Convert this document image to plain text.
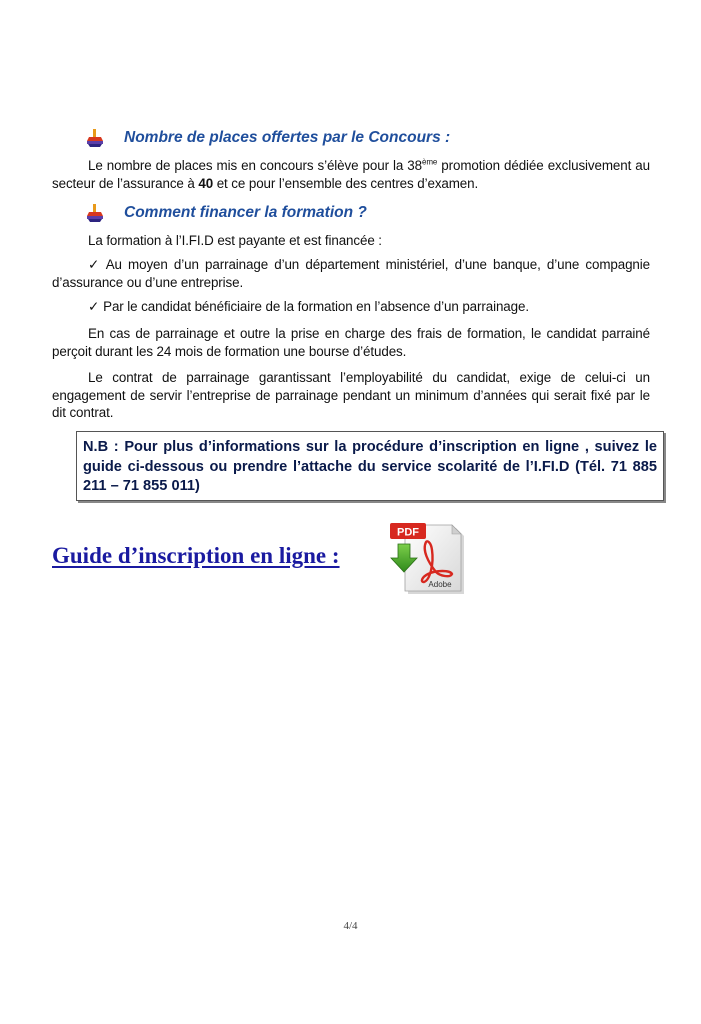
Nombre de places offertes par le Concours :
Le nombre de places mis en concours s’élève pour la 38ème promotion dédiée exclusivement au secteur de l’assurance à 40 et ce pour l’ensemble des centres d’examen.
Comment financer la formation ?
La formation à l’I.FI.D est payante et est financée :
✓ Au moyen d’un parrainage d’un département ministériel, d’une banque, d’une compagnie d’assurance ou d’une entreprise.
✓ Par le candidat bénéficiaire de la formation en l’absence d’un parrainage.
En cas de parrainage et outre la prise en charge des frais de formation, le candidat parrainé perçoit durant les 24 mois de formation une bourse d’études.
Le contrat de parrainage garantissant l’employabilité du candidat, exige de celui-ci un engagement de servir l’entreprise de parrainage pendant un minimum d’années qui serait fixé par le dit contrat.
N.B : Pour plus d’informations sur la procédure d’inscription en ligne , suivez le guide ci-dessous ou prendre l’attache du service scolarité de l’I.FI.D (Tél. 71 885 211 – 71 855 011)
Guide d’inscription en ligne :
PDF
Adobe
4/4
